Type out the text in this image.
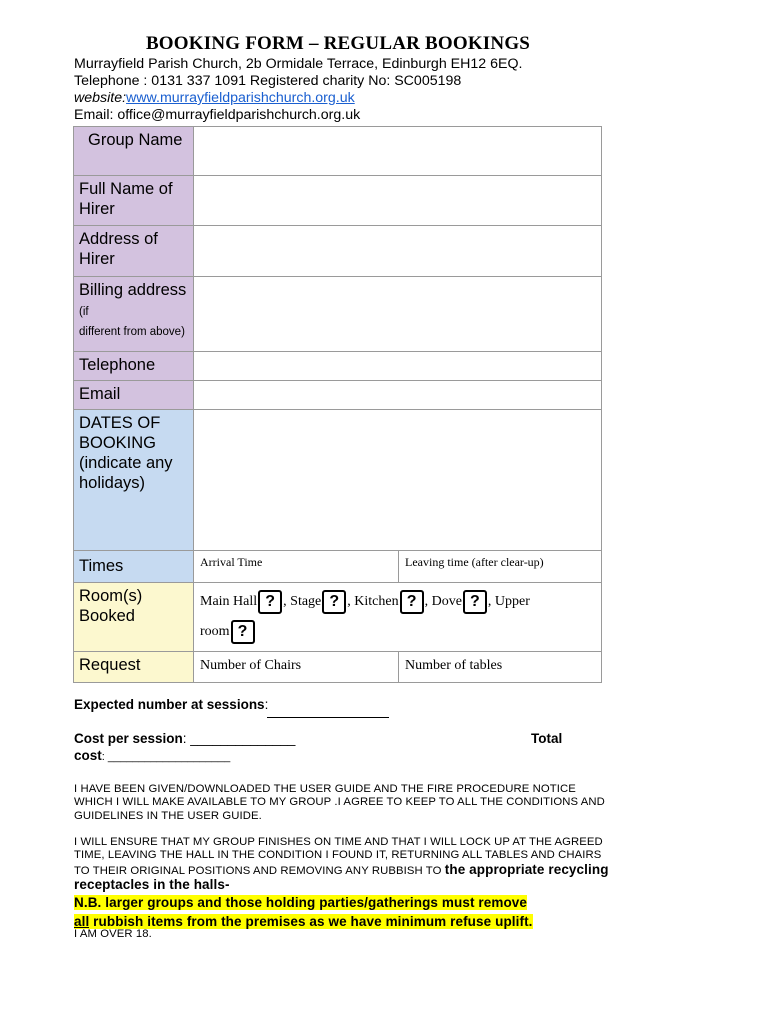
BOOKING FORM – REGULAR BOOKINGS
Murrayfield Parish Church, 2b Ormidale Terrace, Edinburgh EH12 6EQ.
Telephone : 0131 337 1091 Registered charity No: SC005198
website:www.murrayfieldparishchurch.org.uk
Email: office@murrayfieldparishchurch.org.uk
Group Name		
Full Name of Hirer		
Address of Hirer		
Billing address (if
different from above)		
Telephone		
Email		
DATES OF BOOKING (indicate any holidays)		
Times	Arrival Time	Leaving time (after clear-up)
Room(s) Booked	Main Hall ? , Stage ? , Kitchen ? , Dove ? , Upper
room ?	
Request	Number of Chairs	Number of tables
Expected number at sessions:
Cost per session: ______________	Total
cost: ____________________
I HAVE BEEN GIVEN/DOWNLOADED THE USER GUIDE AND THE FIRE PROCEDURE NOTICE WHICH I WILL MAKE AVAILABLE TO MY GROUP .I AGREE TO KEEP TO ALL THE CONDITIONS AND GUIDELINES IN THE USER GUIDE.
I WILL ENSURE THAT MY GROUP FINISHES ON TIME AND THAT I WILL LOCK UP AT THE AGREED TIME, LEAVING THE HALL IN THE CONDITION I FOUND IT, RETURNING ALL TABLES AND CHAIRS TO THEIR ORIGINAL POSITIONS AND REMOVING ANY RUBBISH TO the appropriate recycling receptacles in the halls-
N.B. larger groups and those holding parties/gatherings must remove
all rubbish items from the premises as we have minimum refuse uplift.
I AM OVER 18.
